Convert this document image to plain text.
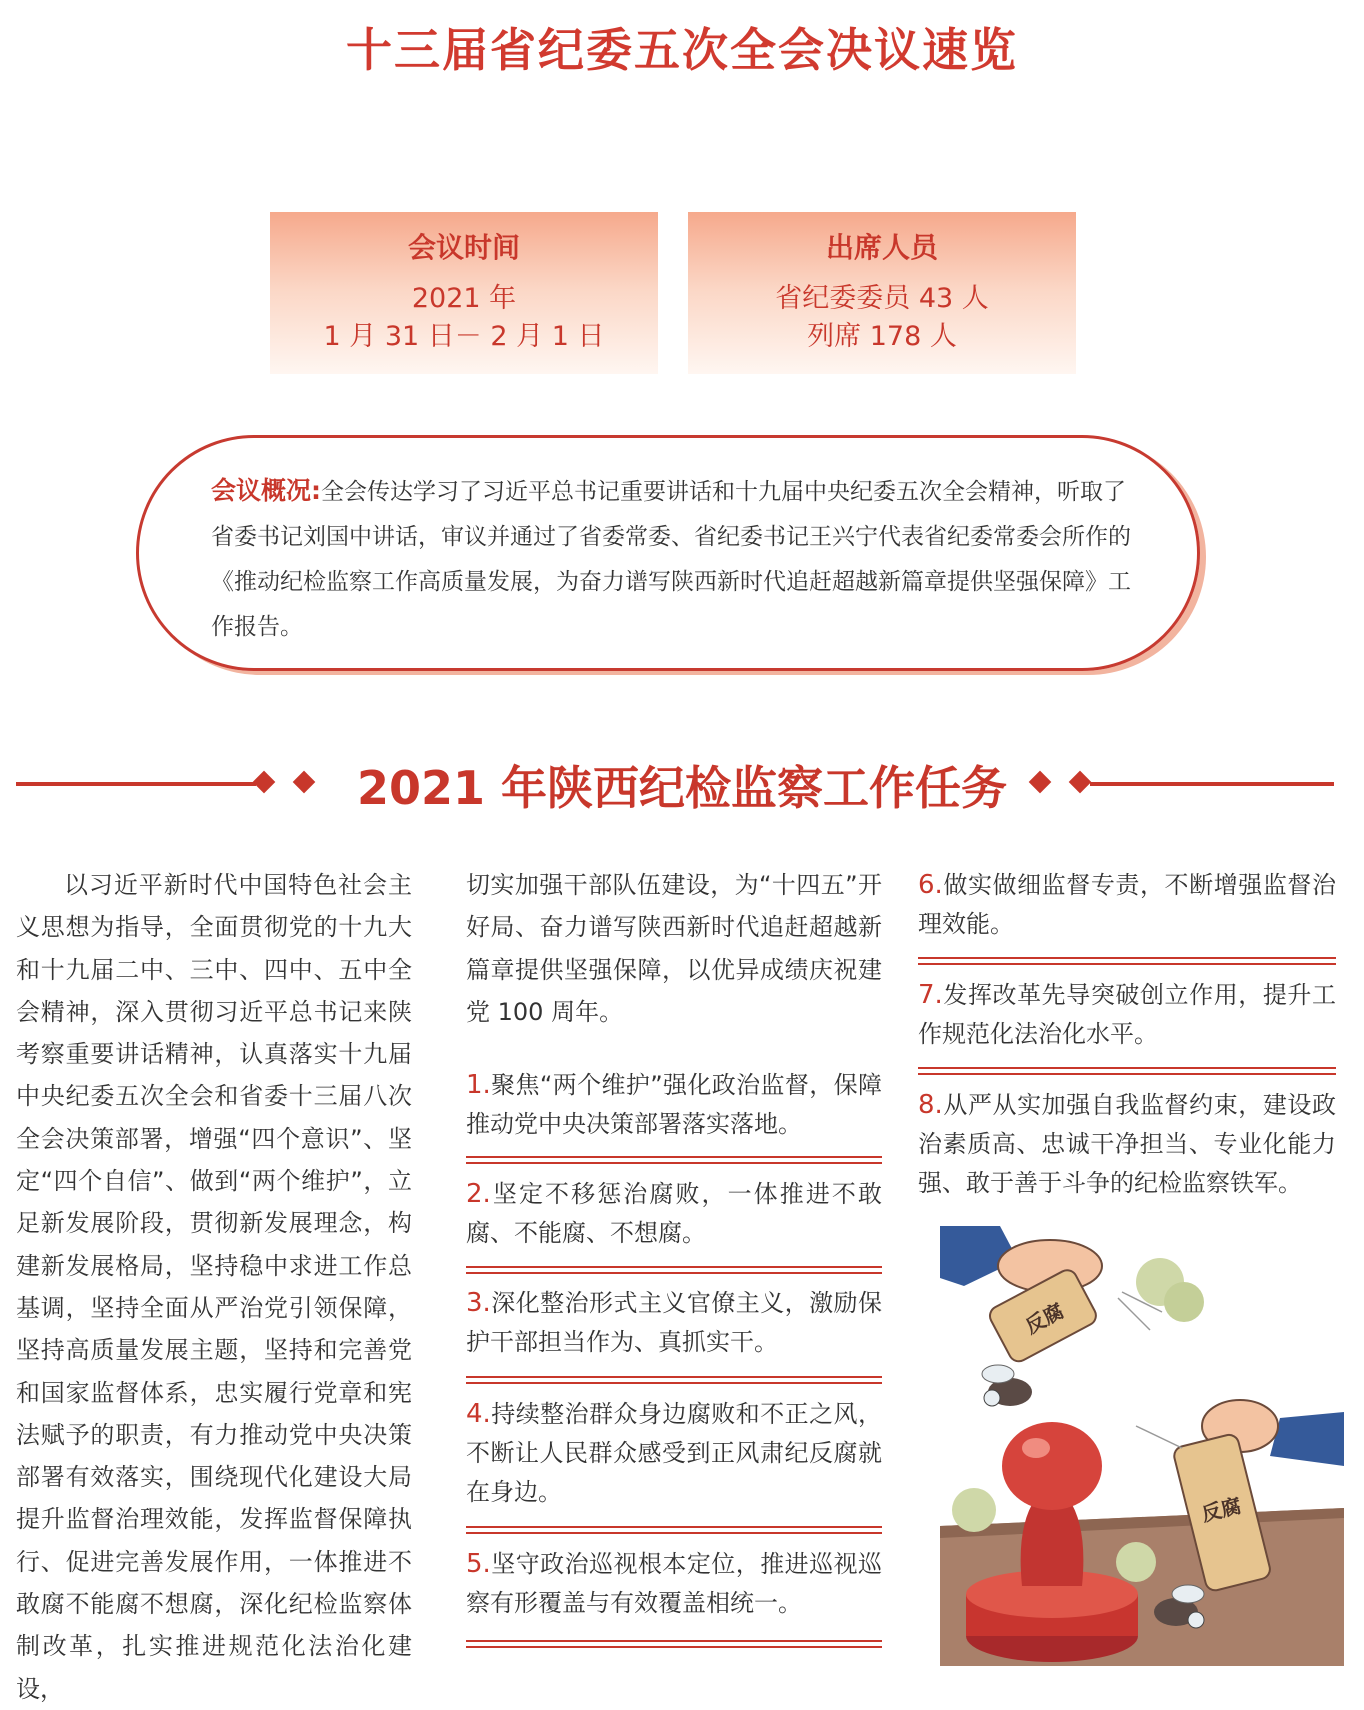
十三届省纪委五次全会决议速览
会议时间
2021 年
1 月 31 日－ 2 月 1 日
出席人员
省纪委委员 43 人
列席 178 人
会议概况:全会传达学习了习近平总书记重要讲话和十九届中央纪委五次全会精神，听取了省委书记刘国中讲话，审议并通过了省委常委、省纪委书记王兴宁代表省纪委常委会所作的《推动纪检监察工作高质量发展，为奋力谱写陕西新时代追赶超越新篇章提供坚强保障》工作报告。
2021 年陕西纪检监察工作任务
以习近平新时代中国特色社会主义思想为指导，全面贯彻党的十九大和十九届二中、三中、四中、五中全会精神，深入贯彻习近平总书记来陕考察重要讲话精神，认真落实十九届中央纪委五次全会和省委十三届八次全会决策部署，增强“四个意识”、坚定“四个自信”、做到“两个维护”，立足新发展阶段，贯彻新发展理念，构建新发展格局，坚持稳中求进工作总基调，坚持全面从严治党引领保障，坚持高质量发展主题，坚持和完善党和国家监督体系，忠实履行党章和宪法赋予的职责，有力推动党中央决策部署有效落实，围绕现代化建设大局提升监督治理效能，发挥监督保障执行、促进完善发展作用，一体推进不敢腐不能腐不想腐，深化纪检监察体制改革，扎实推进规范化法治化建设，
切实加强干部队伍建设，为“十四五”开好局、奋力谱写陕西新时代追赶超越新篇章提供坚强保障，以优异成绩庆祝建党 100 周年。
1.聚焦“两个维护”强化政治监督，保障推动党中央决策部署落实落地。
2.坚定不移惩治腐败，一体推进不敢腐、不能腐、不想腐。
3.深化整治形式主义官僚主义，激励保护干部担当作为、真抓实干。
4.持续整治群众身边腐败和不正之风，不断让人民群众感受到正风肃纪反腐就在身边。
5.坚守政治巡视根本定位，推进巡视巡察有形覆盖与有效覆盖相统一。
6.做实做细监督专责，不断增强监督治理效能。
7.发挥改革先导突破创立作用，提升工作规范化法治化水平。
8.从严从实加强自我监督约束，建设政治素质高、忠诚干净担当、专业化能力强、敢于善于斗争的纪检监察铁军。
反腐
反腐
